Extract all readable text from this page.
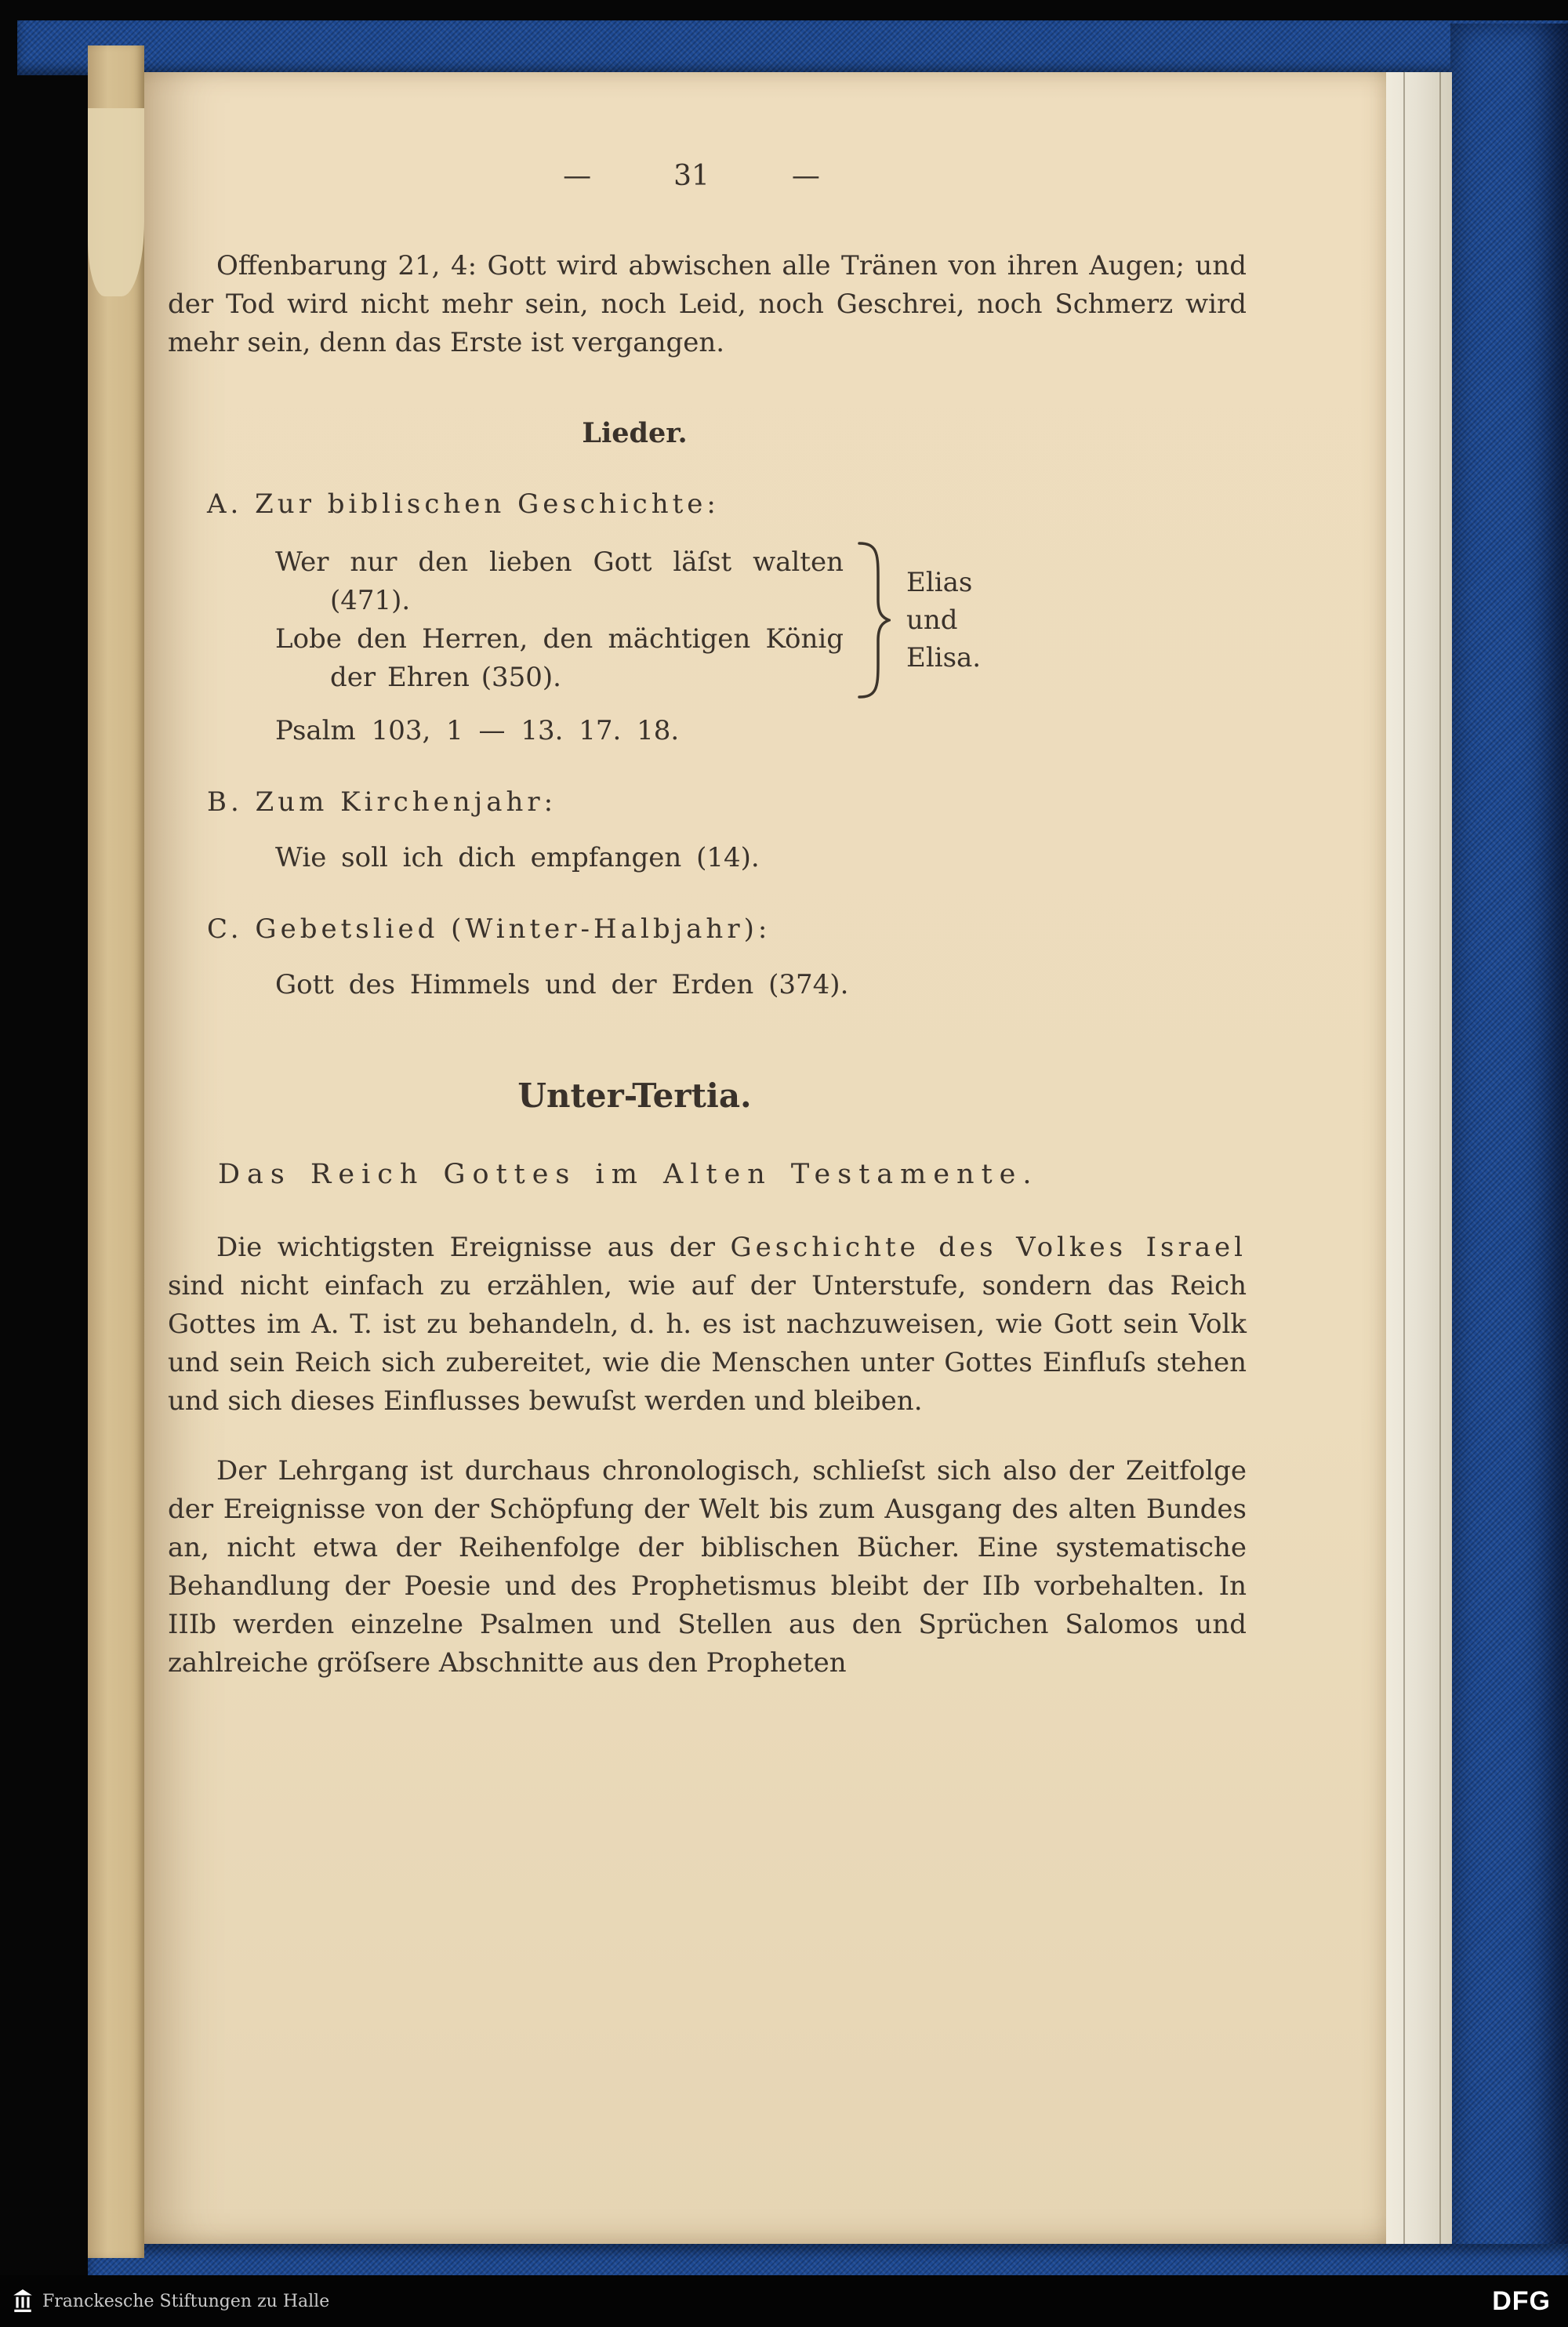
—	31	—

Offenbarung 21, 4: Gott wird abwischen alle Tränen von ihren Augen; und der Tod wird nicht mehr sein, noch Leid, noch Geschrei, noch Schmerz wird mehr sein, denn das Erste ist vergangen.

Lieder.
A. Zur biblischen Geschichte:
Wer nur den lieben Gott läſst walten (471).
Lobe den Herren, den mächtigen König der Ehren (350).
Elias
und
Elisa.
Psalm 103, 1 — 13. 17. 18.
B. Zum Kirchenjahr:
Wie soll ich dich empfangen (14).
C. Gebetslied (Winter-Halbjahr):
Gott des Himmels und der Erden (374).
Unter-Tertia.
Das Reich Gottes im Alten Testamente.

Die wichtigsten Ereignisse aus der Geschichte des Volkes Israel sind nicht einfach zu erzählen, wie auf der Unterstufe, sondern das Reich Gottes im A. T. ist zu behandeln, d. h. es ist nachzuweisen, wie Gott sein Volk und sein Reich sich zubereitet, wie die Menschen unter Gottes Einfluſs stehen und sich dieses Einflusses bewuſst werden und bleiben.

Der Lehrgang ist durchaus chronologisch, schlieſst sich also der Zeitfolge der Ereignisse von der Schöpfung der Welt bis zum Ausgang des alten Bundes an, nicht etwa der Reihenfolge der biblischen Bücher. Eine systematische Behandlung der Poesie und des Prophetismus bleibt der IIb vorbehalten. In IIIb werden einzelne Psalmen und Stellen aus den Sprüchen Salomos und zahlreiche gröſsere Abschnitte aus den Propheten

Franckesche Stiftungen zu Halle	DFG
